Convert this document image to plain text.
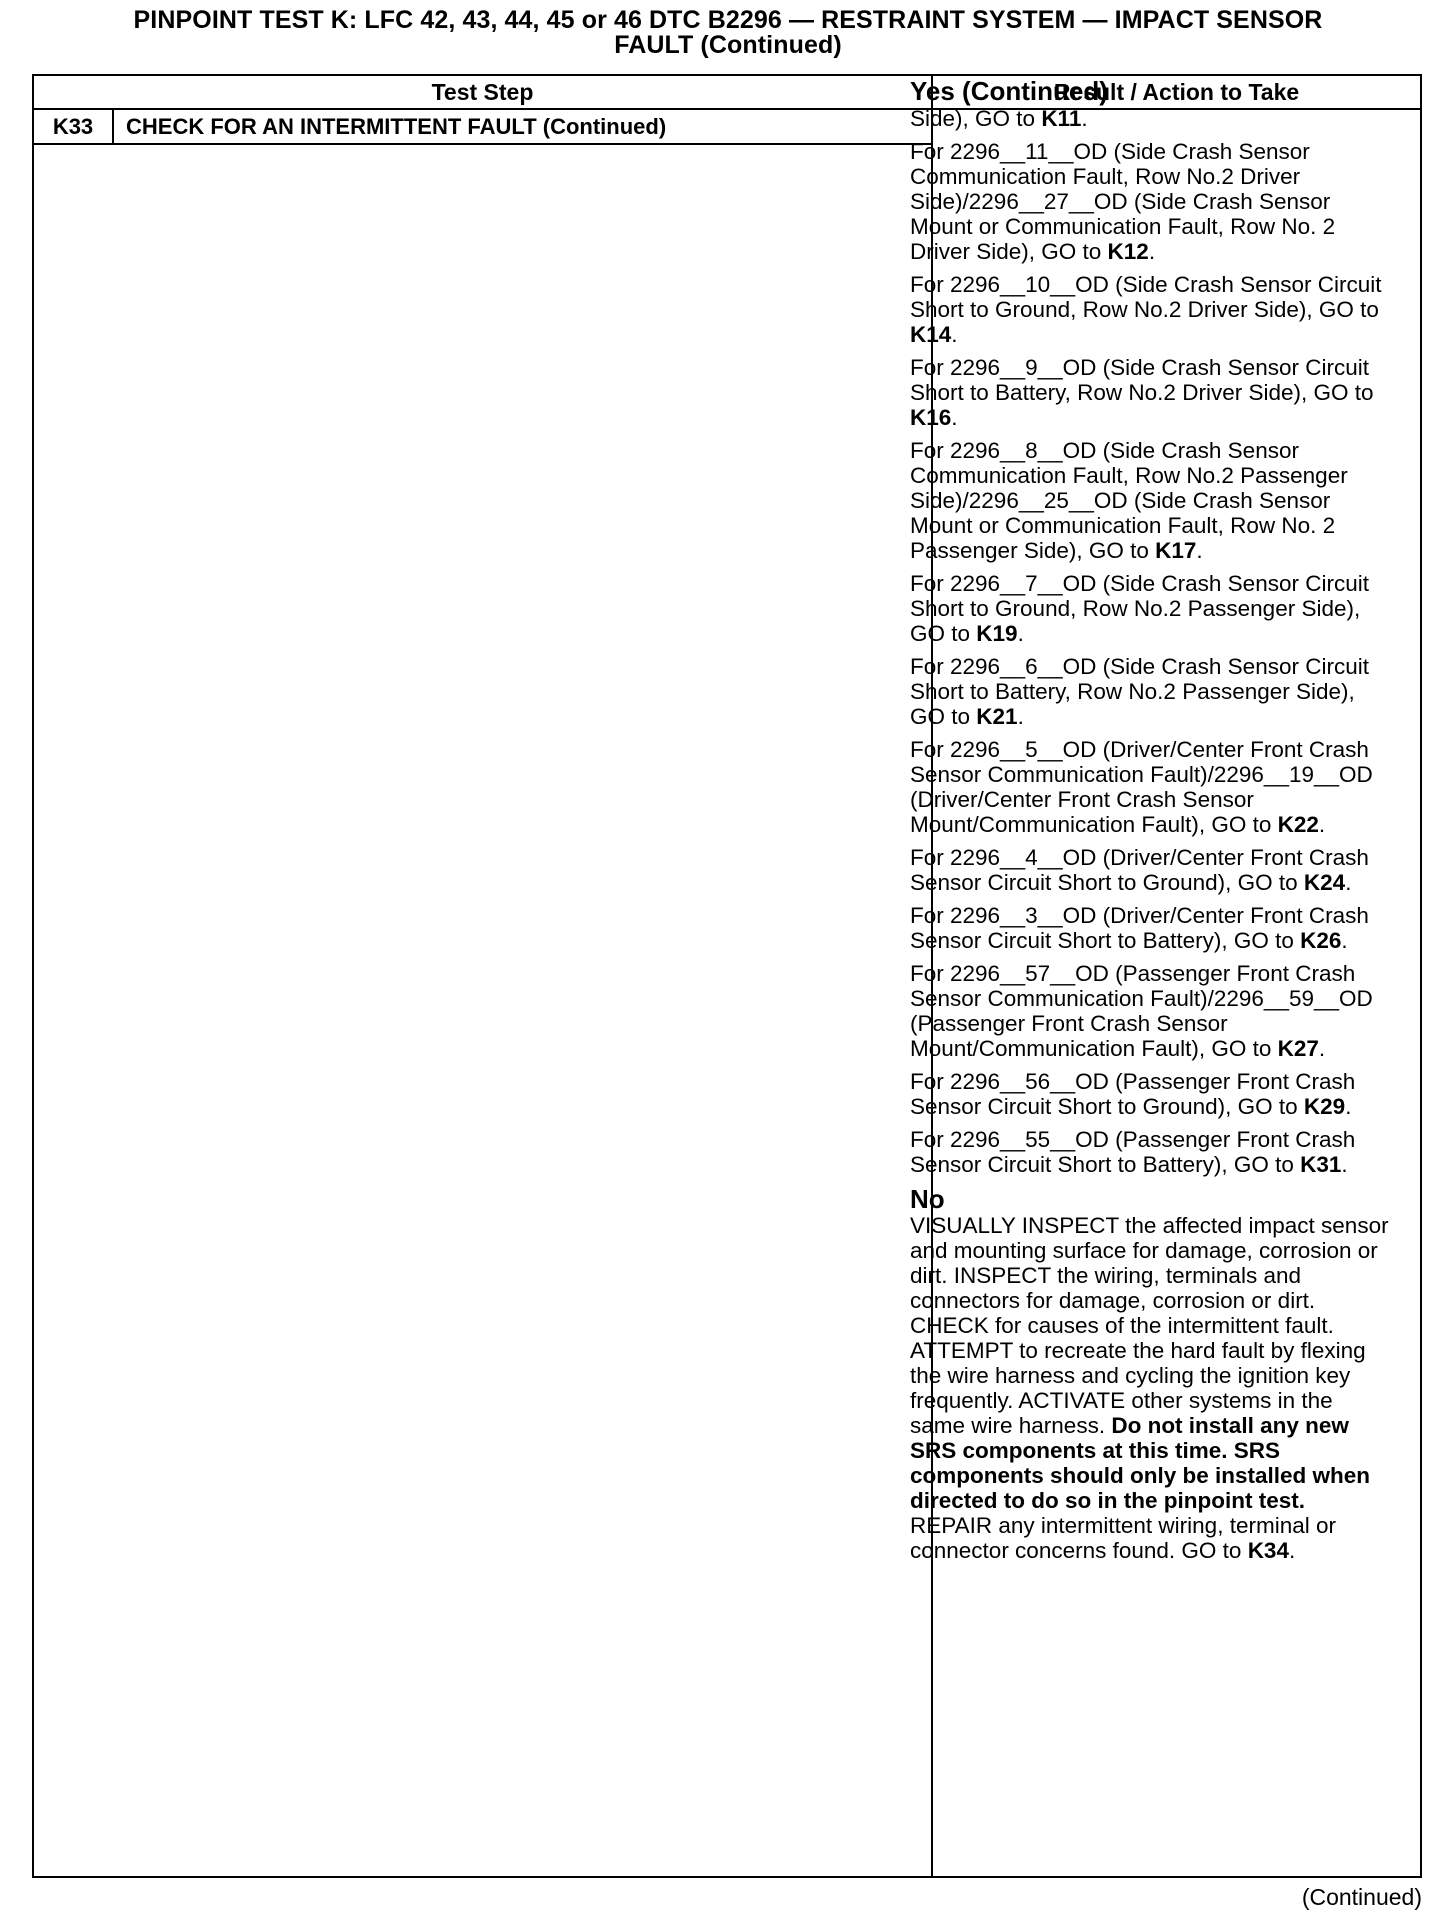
PINPOINT TEST K: LFC 42, 43, 44, 45 or 46 DTC B2296 — RESTRAINT SYSTEM — IMPACT SENSOR
FAULT (Continued)
Test Step	Result / Action to Take
K33	CHECK FOR AN INTERMITTENT FAULT (Continued)
Yes (Continued)

Side), GO to K11.

For 2296__11__OD (Side Crash Sensor Communication Fault, Row No.2 Driver Side)/2296__27__OD (Side Crash Sensor Mount or Communication Fault, Row No. 2 Driver Side), GO to K12.

For 2296__10__OD (Side Crash Sensor Circuit Short to Ground, Row No.2 Driver Side), GO to K14.

For 2296__9__OD (Side Crash Sensor Circuit Short to Battery, Row No.2 Driver Side), GO to K16.

For 2296__8__OD (Side Crash Sensor Communication Fault, Row No.2 Passenger Side)/2296__25__OD (Side Crash Sensor Mount or Communication Fault, Row No. 2 Passenger Side), GO to K17.

For 2296__7__OD (Side Crash Sensor Circuit Short to Ground, Row No.2 Passenger Side), GO to K19.

For 2296__6__OD (Side Crash Sensor Circuit Short to Battery, Row No.2 Passenger Side), GO to K21.

For 2296__5__OD (Driver/Center Front Crash Sensor Communication Fault)/2296__19__OD (Driver/Center Front Crash Sensor Mount/Communication Fault), GO to K22.

For 2296__4__OD (Driver/Center Front Crash Sensor Circuit Short to Ground), GO to K24.

For 2296__3__OD (Driver/Center Front Crash Sensor Circuit Short to Battery), GO to K26.

For 2296__57__OD (Passenger Front Crash Sensor Communication Fault)/2296__59__OD (Passenger Front Crash Sensor Mount/Communication Fault), GO to K27.

For 2296__56__OD (Passenger Front Crash Sensor Circuit Short to Ground), GO to K29.

For 2296__55__OD (Passenger Front Crash Sensor Circuit Short to Battery), GO to K31.

No

VISUALLY INSPECT the affected impact sensor and mounting surface for damage, corrosion or dirt. INSPECT the wiring, terminals and connectors for damage, corrosion or dirt. CHECK for causes of the intermittent fault. ATTEMPT to recreate the hard fault by flexing the wire harness and cycling the ignition key frequently. ACTIVATE other systems in the same wire harness. Do not install any new SRS components at this time. SRS components should only be installed when directed to do so in the pinpoint test. REPAIR any intermittent wiring, terminal or connector concerns found. GO to K34.

(Continued)
